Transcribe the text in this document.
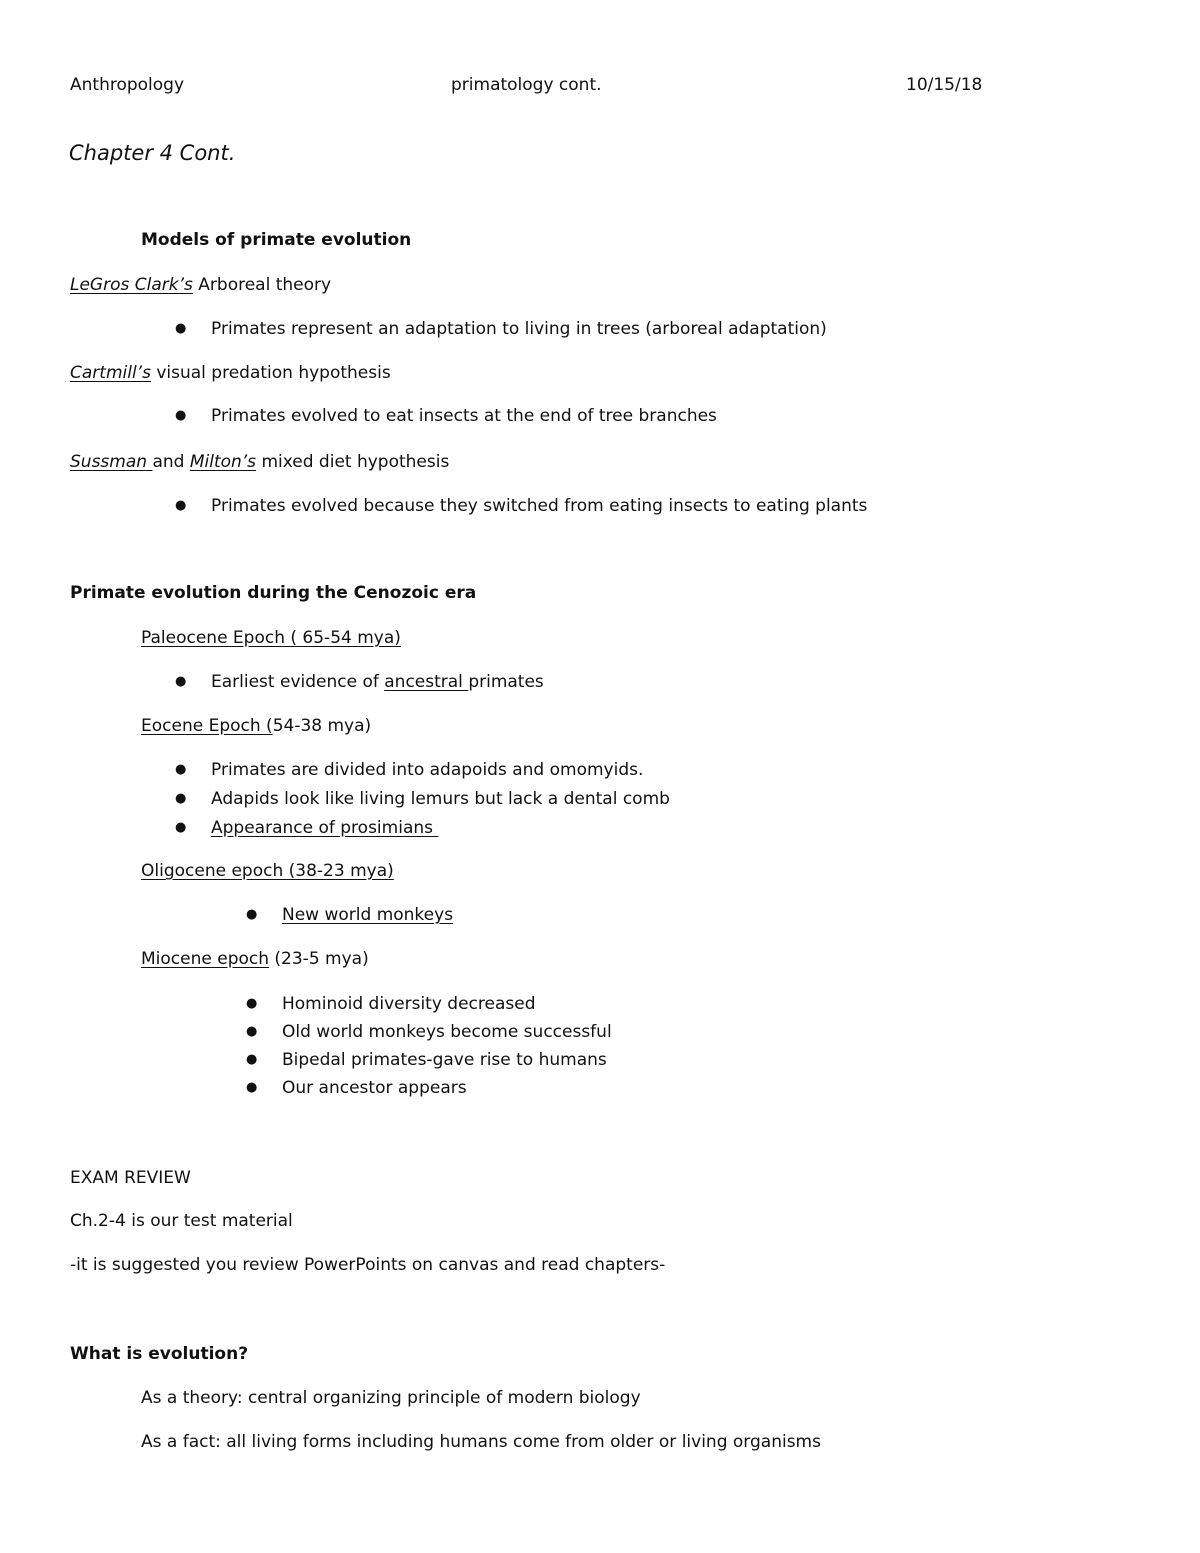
Anthropology	primatology cont.	10/15/18
Chapter 4 Cont.
Models of primate evolution
LeGros Clark’s Arboreal theory
● Primates represent an adaptation to living in trees (arboreal adaptation)
Cartmill’s visual predation hypothesis
● Primates evolved to eat insects at the end of tree branches
Sussman and Milton’s mixed diet hypothesis
● Primates evolved because they switched from eating insects to eating plants
Primate evolution during the Cenozoic era
Paleocene Epoch ( 65-54 mya)
● Earliest evidence of ancestral primates
Eocene Epoch (54-38 mya)
● Primates are divided into adapoids and omomyids.
● Adapids look like living lemurs but lack a dental comb
● Appearance of prosimians
Oligocene epoch (38-23 mya)
● New world monkeys
Miocene epoch (23-5 mya)
● Hominoid diversity decreased
● Old world monkeys become successful
● Bipedal primates-gave rise to humans
● Our ancestor appears
EXAM REVIEW
Ch.2-4 is our test material
-it is suggested you review PowerPoints on canvas and read chapters-
What is evolution?
As a theory: central organizing principle of modern biology
As a fact: all living forms including humans come from older or living organisms
